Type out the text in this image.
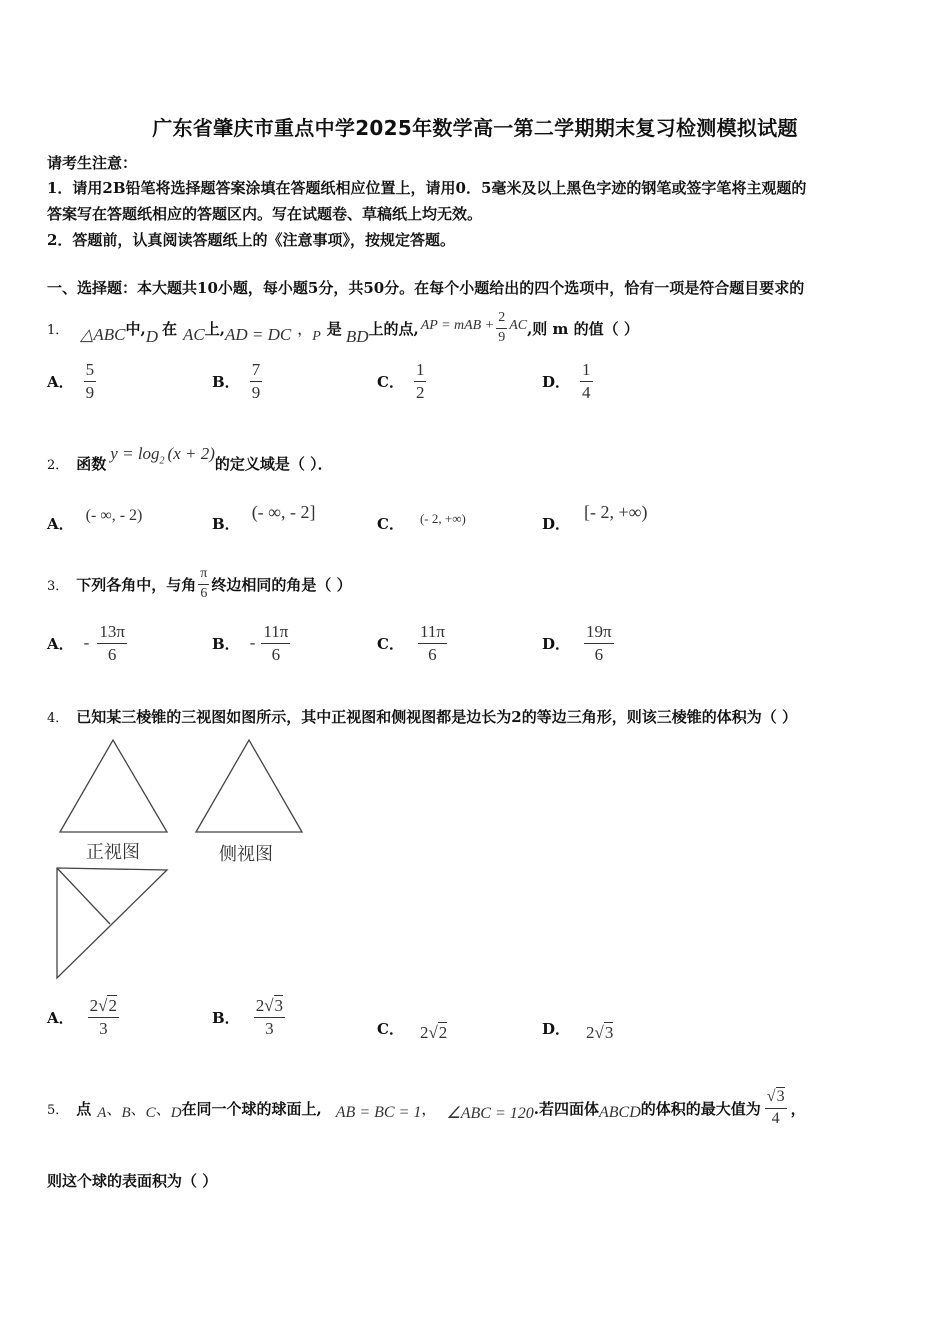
广东省肇庆市重点中学2025年数学高一第二学期期末复习检测模拟试题
请考生注意：
1．请用2B铅笔将选择题答案涂填在答题纸相应位置上，请用0．5毫米及以上黑色字迹的钢笔或签字笔将主观题的
答案写在答题纸相应的答题区内。写在试题卷、草稿纸上均无效。
2．答题前，认真阅读答题纸上的《注意事项》，按规定答题。
一、选择题：本大题共10小题，每小题5分，共50分。在每个小题给出的四个选项中，恰有一项是符合题目要求的
1． △ABC 中, D 在 AC 上, AD = DC ， P 是 BD 上的点, AP = mAB + $\frac{2}{9}$ AC ,则 m 的值（ ）
A． $\frac{5}{9}$	B． $\frac{7}{9}$	C． $\frac{1}{2}$	D． $\frac{1}{4}$
2． 函数
$y = \log_2 (x + 2)$
的定义域是（ ）．
A． (- ∞, - 2)	B．
(- ∞, - 2]
C． (- 2, +∞)	D．
[- 2, +∞)
3． 下列各角中，与角 $\frac{\pi}{6}$ 终边相同的角是（ ）
A． - $\frac{13\pi}{6}$	B． - $\frac{11\pi}{6}$	C． $\frac{11\pi}{6}$	D． $\frac{19\pi}{6}$
4． 已知某三棱锥的三视图如图所示，其中正视图和侧视图都是边长为2的等边三角形，则该三棱锥的体积为（ ）
正视图	侧视图
A． $\frac{2√2}{3}$	B． $\frac{2√3}{3}$	C． 2√2	D． 2√3
5． 点 A 、 B 、 C 、 D 在同一个球的球面上, AB = BC = 1 ， ∠ABC = 120 .若四面体 ABCD 的体积的最大值为 $\frac{√3}{4}$ ，
则这个球的表面积为（ ）
